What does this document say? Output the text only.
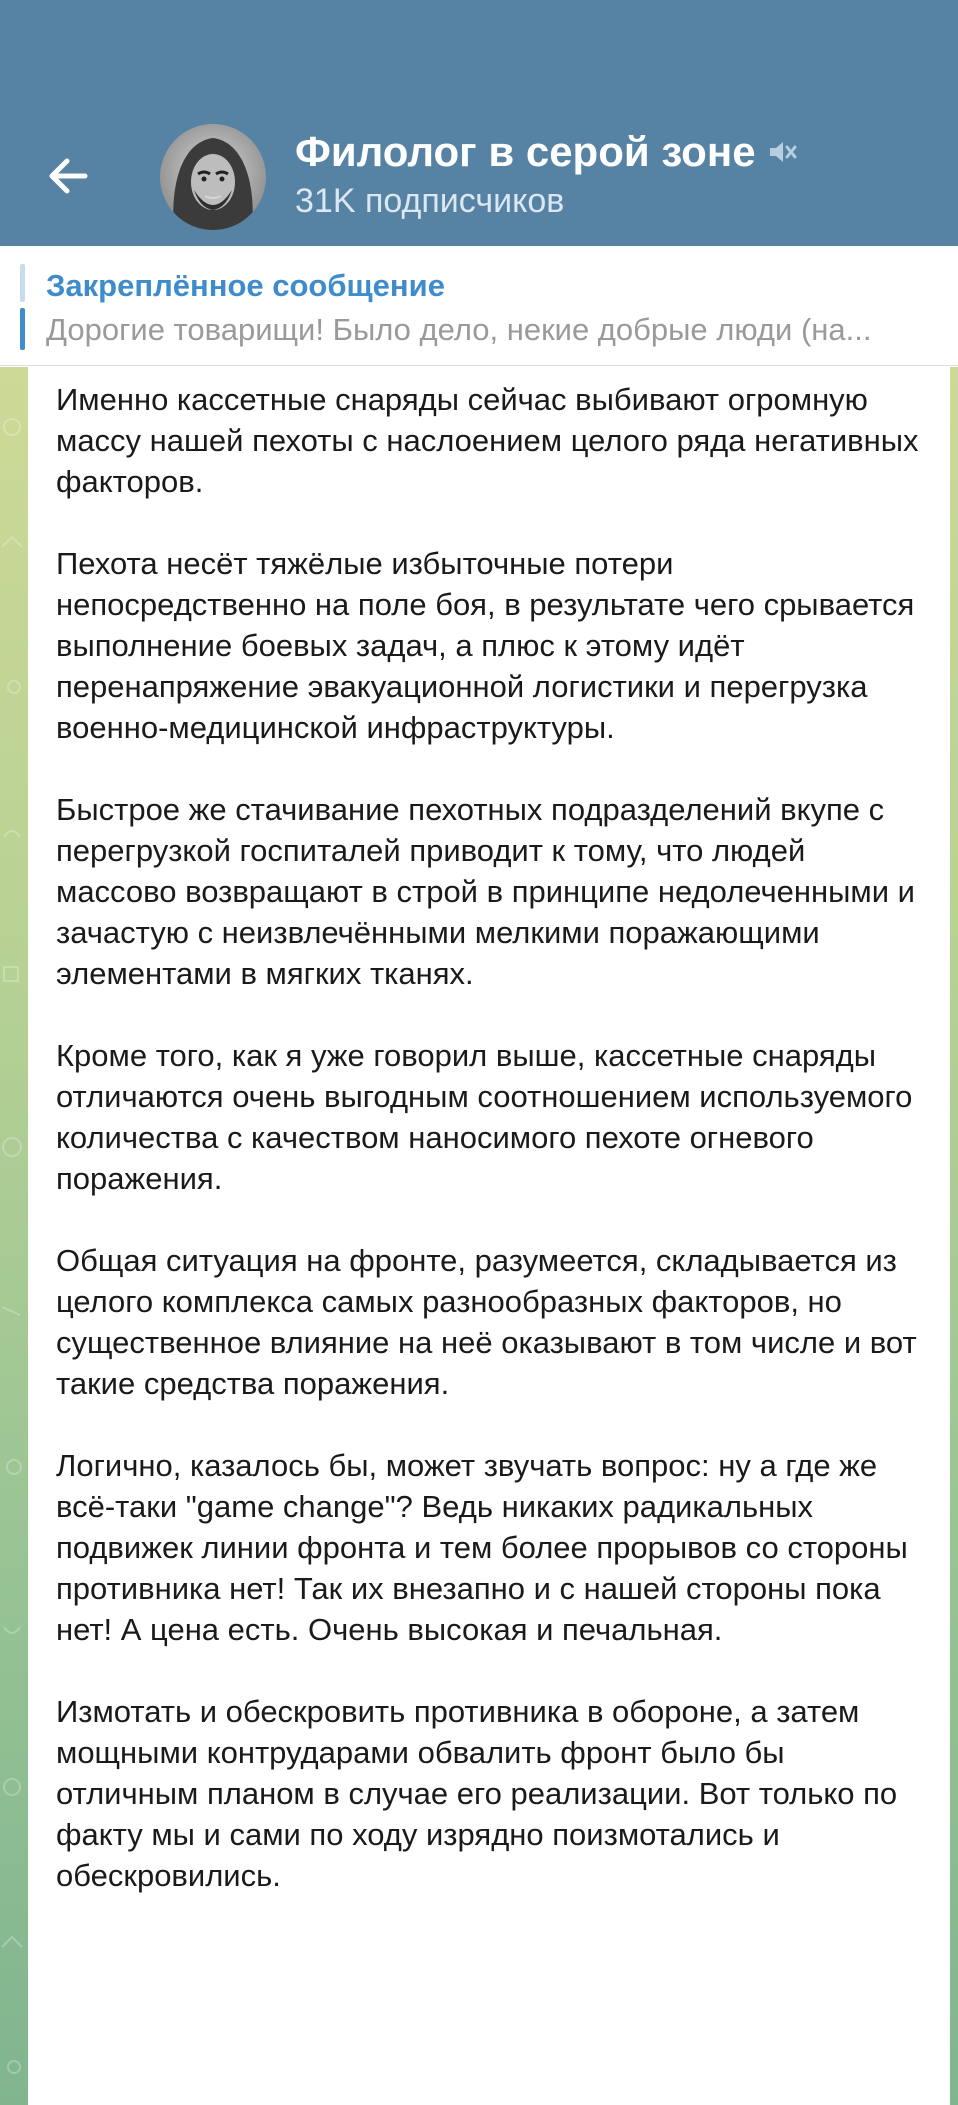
Филолог в серой зоне
31K подписчиков
Закреплённое сообщение
Дорогие товарищи! Было дело, некие добрые люди (на...

Именно кассетные снаряды сейчас выбивают огромную массу нашей пехоты с наслоением целого ряда негативных факторов.

Пехота несёт тяжёлые избыточные потери непосредственно на поле боя, в результате чего срывается выполнение боевых задач, а плюс к этому идёт перенапряжение эвакуационной логистики и перегрузка военно-медицинской инфраструктуры.

Быстрое же стачивание пехотных подразделений вкупе с перегрузкой госпиталей приводит к тому, что людей массово возвращают в строй в принципе недолеченными и зачастую с неизвлечёнными мелкими поражающими элементами в мягких тканях.

Кроме того, как я уже говорил выше, кассетные снаряды отличаются очень выгодным соотношением используемого количества с качеством наносимого пехоте огневого поражения.

Общая ситуация на фронте, разумеется, складывается из целого комплекса самых разнообразных факторов, но существенное влияние на неё оказывают в том числе и вот такие средства поражения.

Логично, казалось бы, может звучать вопрос: ну а где же всё-таки "game change"? Ведь никаких радикальных подвижек линии фронта и тем более прорывов со стороны противника нет! Так их внезапно и с нашей стороны пока нет! А цена есть. Очень высокая и печальная.

Измотать и обескровить противника в обороне, а затем мощными контрударами обвалить фронт было бы отличным планом в случае его реализации. Вот только по факту мы и сами по ходу изрядно поизмотались и обескровились.
